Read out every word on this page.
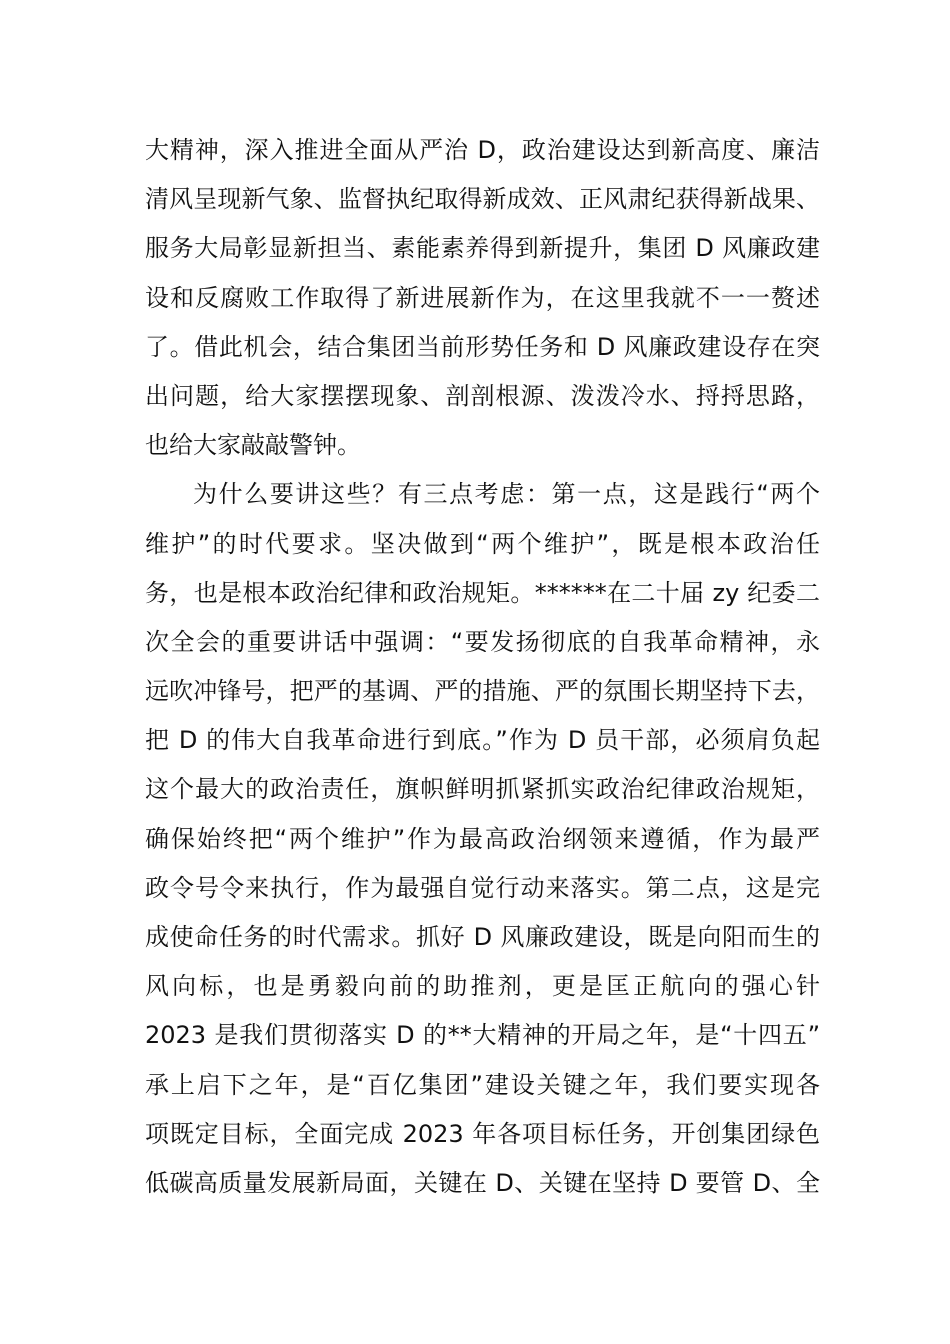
大精神，深入推进全面从严治 D，政治建设达到新高度、廉洁
清风呈现新气象、监督执纪取得新成效、正风肃纪获得新战果、
服务大局彰显新担当、素能素养得到新提升，集团 D 风廉政建
设和反腐败工作取得了新进展新作为，在这里我就不一一赘述
了。借此机会，结合集团当前形势任务和 D 风廉政建设存在突
出问题，给大家摆摆现象、剖剖根源、泼泼冷水、捋捋思路，
也给大家敲敲警钟。
为什么要讲这些？有三点考虑：第一点，这是践行“两个
维护”的时代要求。坚决做到“两个维护”，既是根本政治任
务，也是根本政治纪律和政治规矩。******在二十届 zy 纪委二
次全会的重要讲话中强调：“要发扬彻底的自我革命精神，永
远吹冲锋号，把严的基调、严的措施、严的氛围长期坚持下去，
把 D 的伟大自我革命进行到底。”作为 D 员干部，必须肩负起
这个最大的政治责任，旗帜鲜明抓紧抓实政治纪律政治规矩，
确保始终把“两个维护”作为最高政治纲领来遵循，作为最严
政令号令来执行，作为最强自觉行动来落实。第二点，这是完
成使命任务的时代需求。抓好 D 风廉政建设，既是向阳而生的
风向标，也是勇毅向前的助推剂，更是匡正航向的强心针
2023 是我们贯彻落实 D 的**大精神的开局之年，是“十四五”
承上启下之年，是“百亿集团”建设关键之年，我们要实现各
项既定目标，全面完成 2023 年各项目标任务，开创集团绿色
低碳高质量发展新局面，关键在 D、关键在坚持 D 要管 D、全
